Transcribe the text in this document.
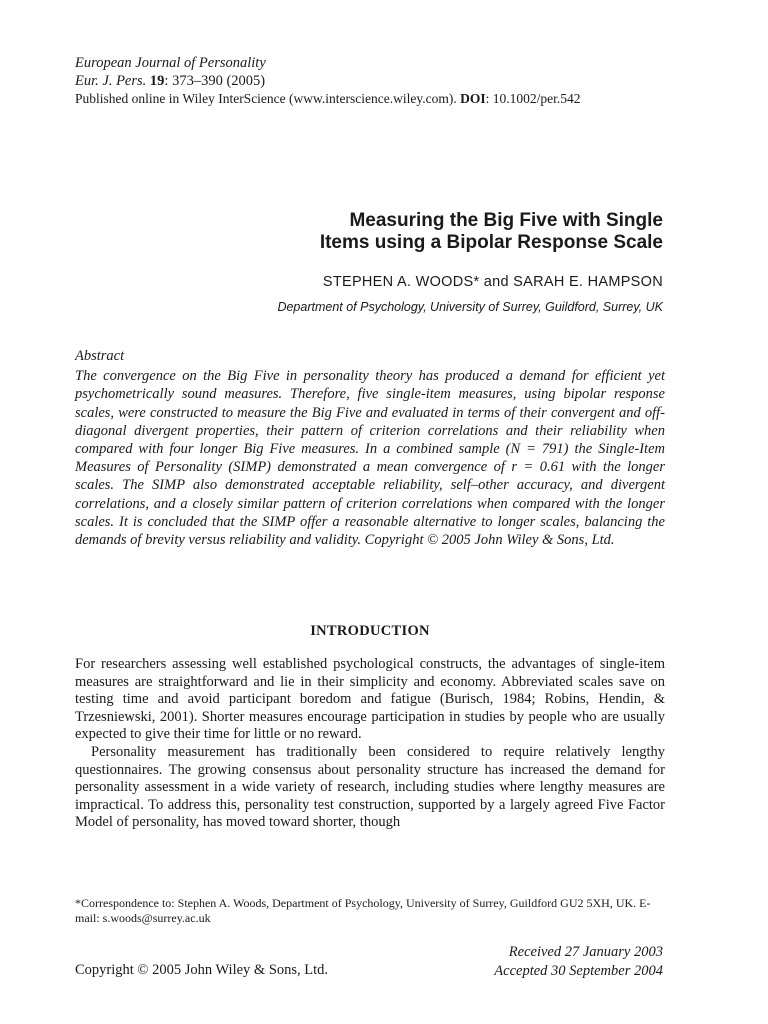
European Journal of Personality
Eur. J. Pers. 19: 373–390 (2005)
Published online in Wiley InterScience (www.interscience.wiley.com). DOI: 10.1002/per.542
Measuring the Big Five with Single
Items using a Bipolar Response Scale
STEPHEN A. WOODS* and SARAH E. HAMPSON
Department of Psychology, University of Surrey, Guildford, Surrey, UK
Abstract
The convergence on the Big Five in personality theory has produced a demand for efficient yet psychometrically sound measures. Therefore, five single-item measures, using bipolar response scales, were constructed to measure the Big Five and evaluated in terms of their convergent and off-diagonal divergent properties, their pattern of criterion correlations and their reliability when compared with four longer Big Five measures. In a combined sample (N = 791) the Single-Item Measures of Personality (SIMP) demonstrated a mean convergence of r = 0.61 with the longer scales. The SIMP also demonstrated acceptable reliability, self–other accuracy, and divergent correlations, and a closely similar pattern of criterion correlations when compared with the longer scales. It is concluded that the SIMP offer a reasonable alternative to longer scales, balancing the demands of brevity versus reliability and validity. Copyright © 2005 John Wiley & Sons, Ltd.
INTRODUCTION

For researchers assessing well established psychological constructs, the advantages of single-item measures are straightforward and lie in their simplicity and economy. Abbreviated scales save on testing time and avoid participant boredom and fatigue (Burisch, 1984; Robins, Hendin, & Trzesniewski, 2001). Shorter measures encourage participation in studies by people who are usually expected to give their time for little or no reward.

Personality measurement has traditionally been considered to require relatively lengthy questionnaires. The growing consensus about personality structure has increased the demand for personality assessment in a wide variety of research, including studies where lengthy measures are impractical. To address this, personality test construction, supported by a largely agreed Five Factor Model of personality, has moved toward shorter, though

*Correspondence to: Stephen A. Woods, Department of Psychology, University of Surrey, Guildford GU2 5XH, UK. E-mail: s.woods@surrey.ac.uk
Received 27 January 2003
Accepted 30 September 2004
Copyright © 2005 John Wiley & Sons, Ltd.
